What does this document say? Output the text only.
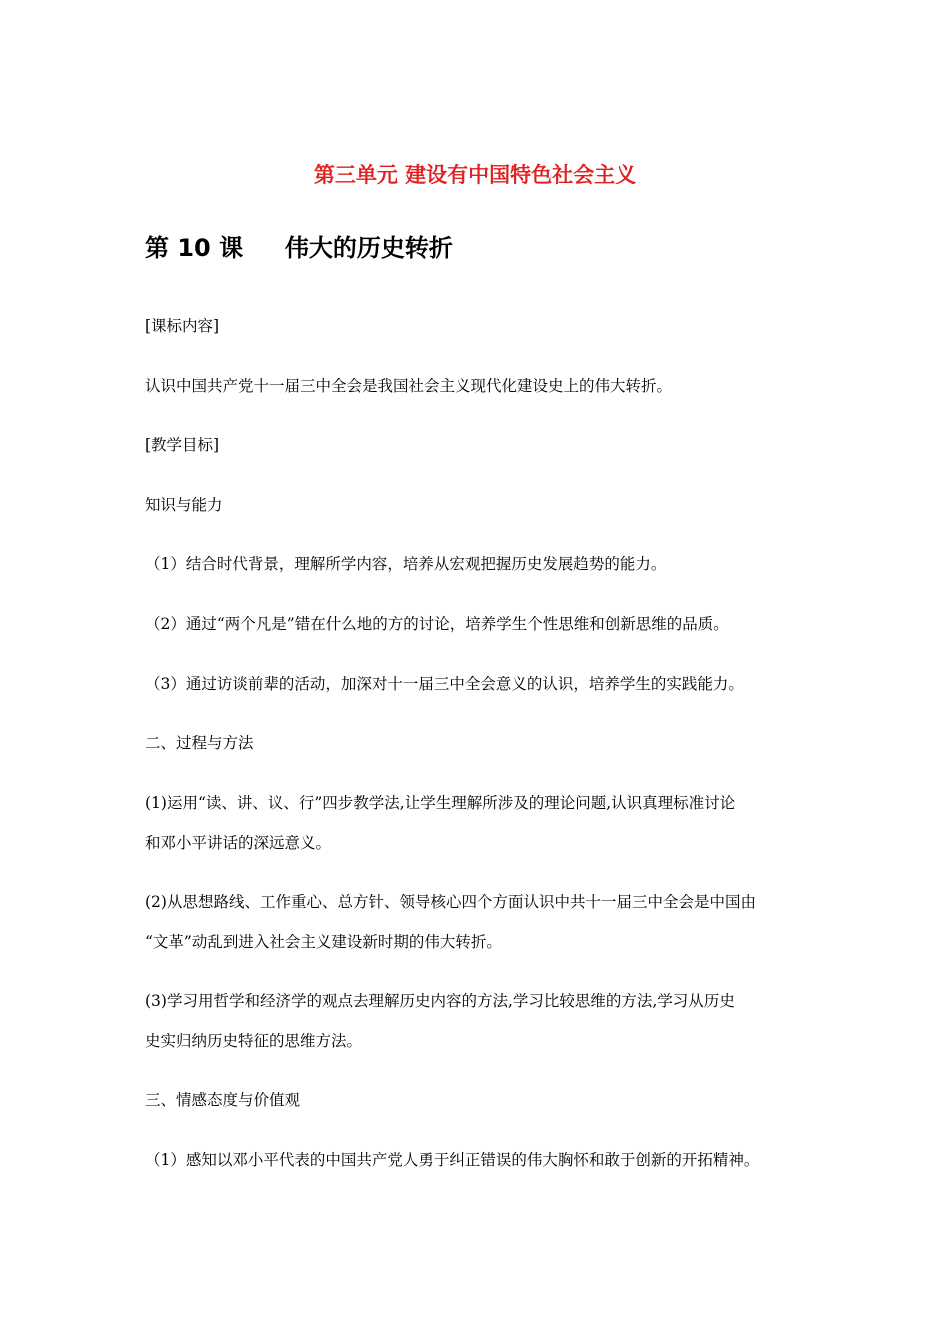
第三单元 建设有中国特色社会主义
第 10 课 伟大的历史转折

[课标内容]

认识中国共产党十一届三中全会是我国社会主义现代化建设史上的伟大转折。

[教学目标]

知识与能力

（1）结合时代背景，理解所学内容，培养从宏观把握历史发展趋势的能力。

（2）通过“两个凡是”错在什么地的方的讨论，培养学生个性思维和创新思维的品质。

（3）通过访谈前辈的活动，加深对十一届三中全会意义的认识，培养学生的实践能力。

二、过程与方法

(1)运用“读、讲、议、行”四步教学法,让学生理解所涉及的理论问题,认识真理标准讨论

和邓小平讲话的深远意义。

(2)从思想路线、工作重心、总方针、领导核心四个方面认识中共十一届三中全会是中国由

“文革”动乱到进入社会主义建设新时期的伟大转折。

(3)学习用哲学和经济学的观点去理解历史内容的方法,学习比较思维的方法,学习从历史

史实归纳历史特征的思维方法。

三、情感态度与价值观

（1）感知以邓小平代表的中国共产党人勇于纠正错误的伟大胸怀和敢于创新的开拓精神。
